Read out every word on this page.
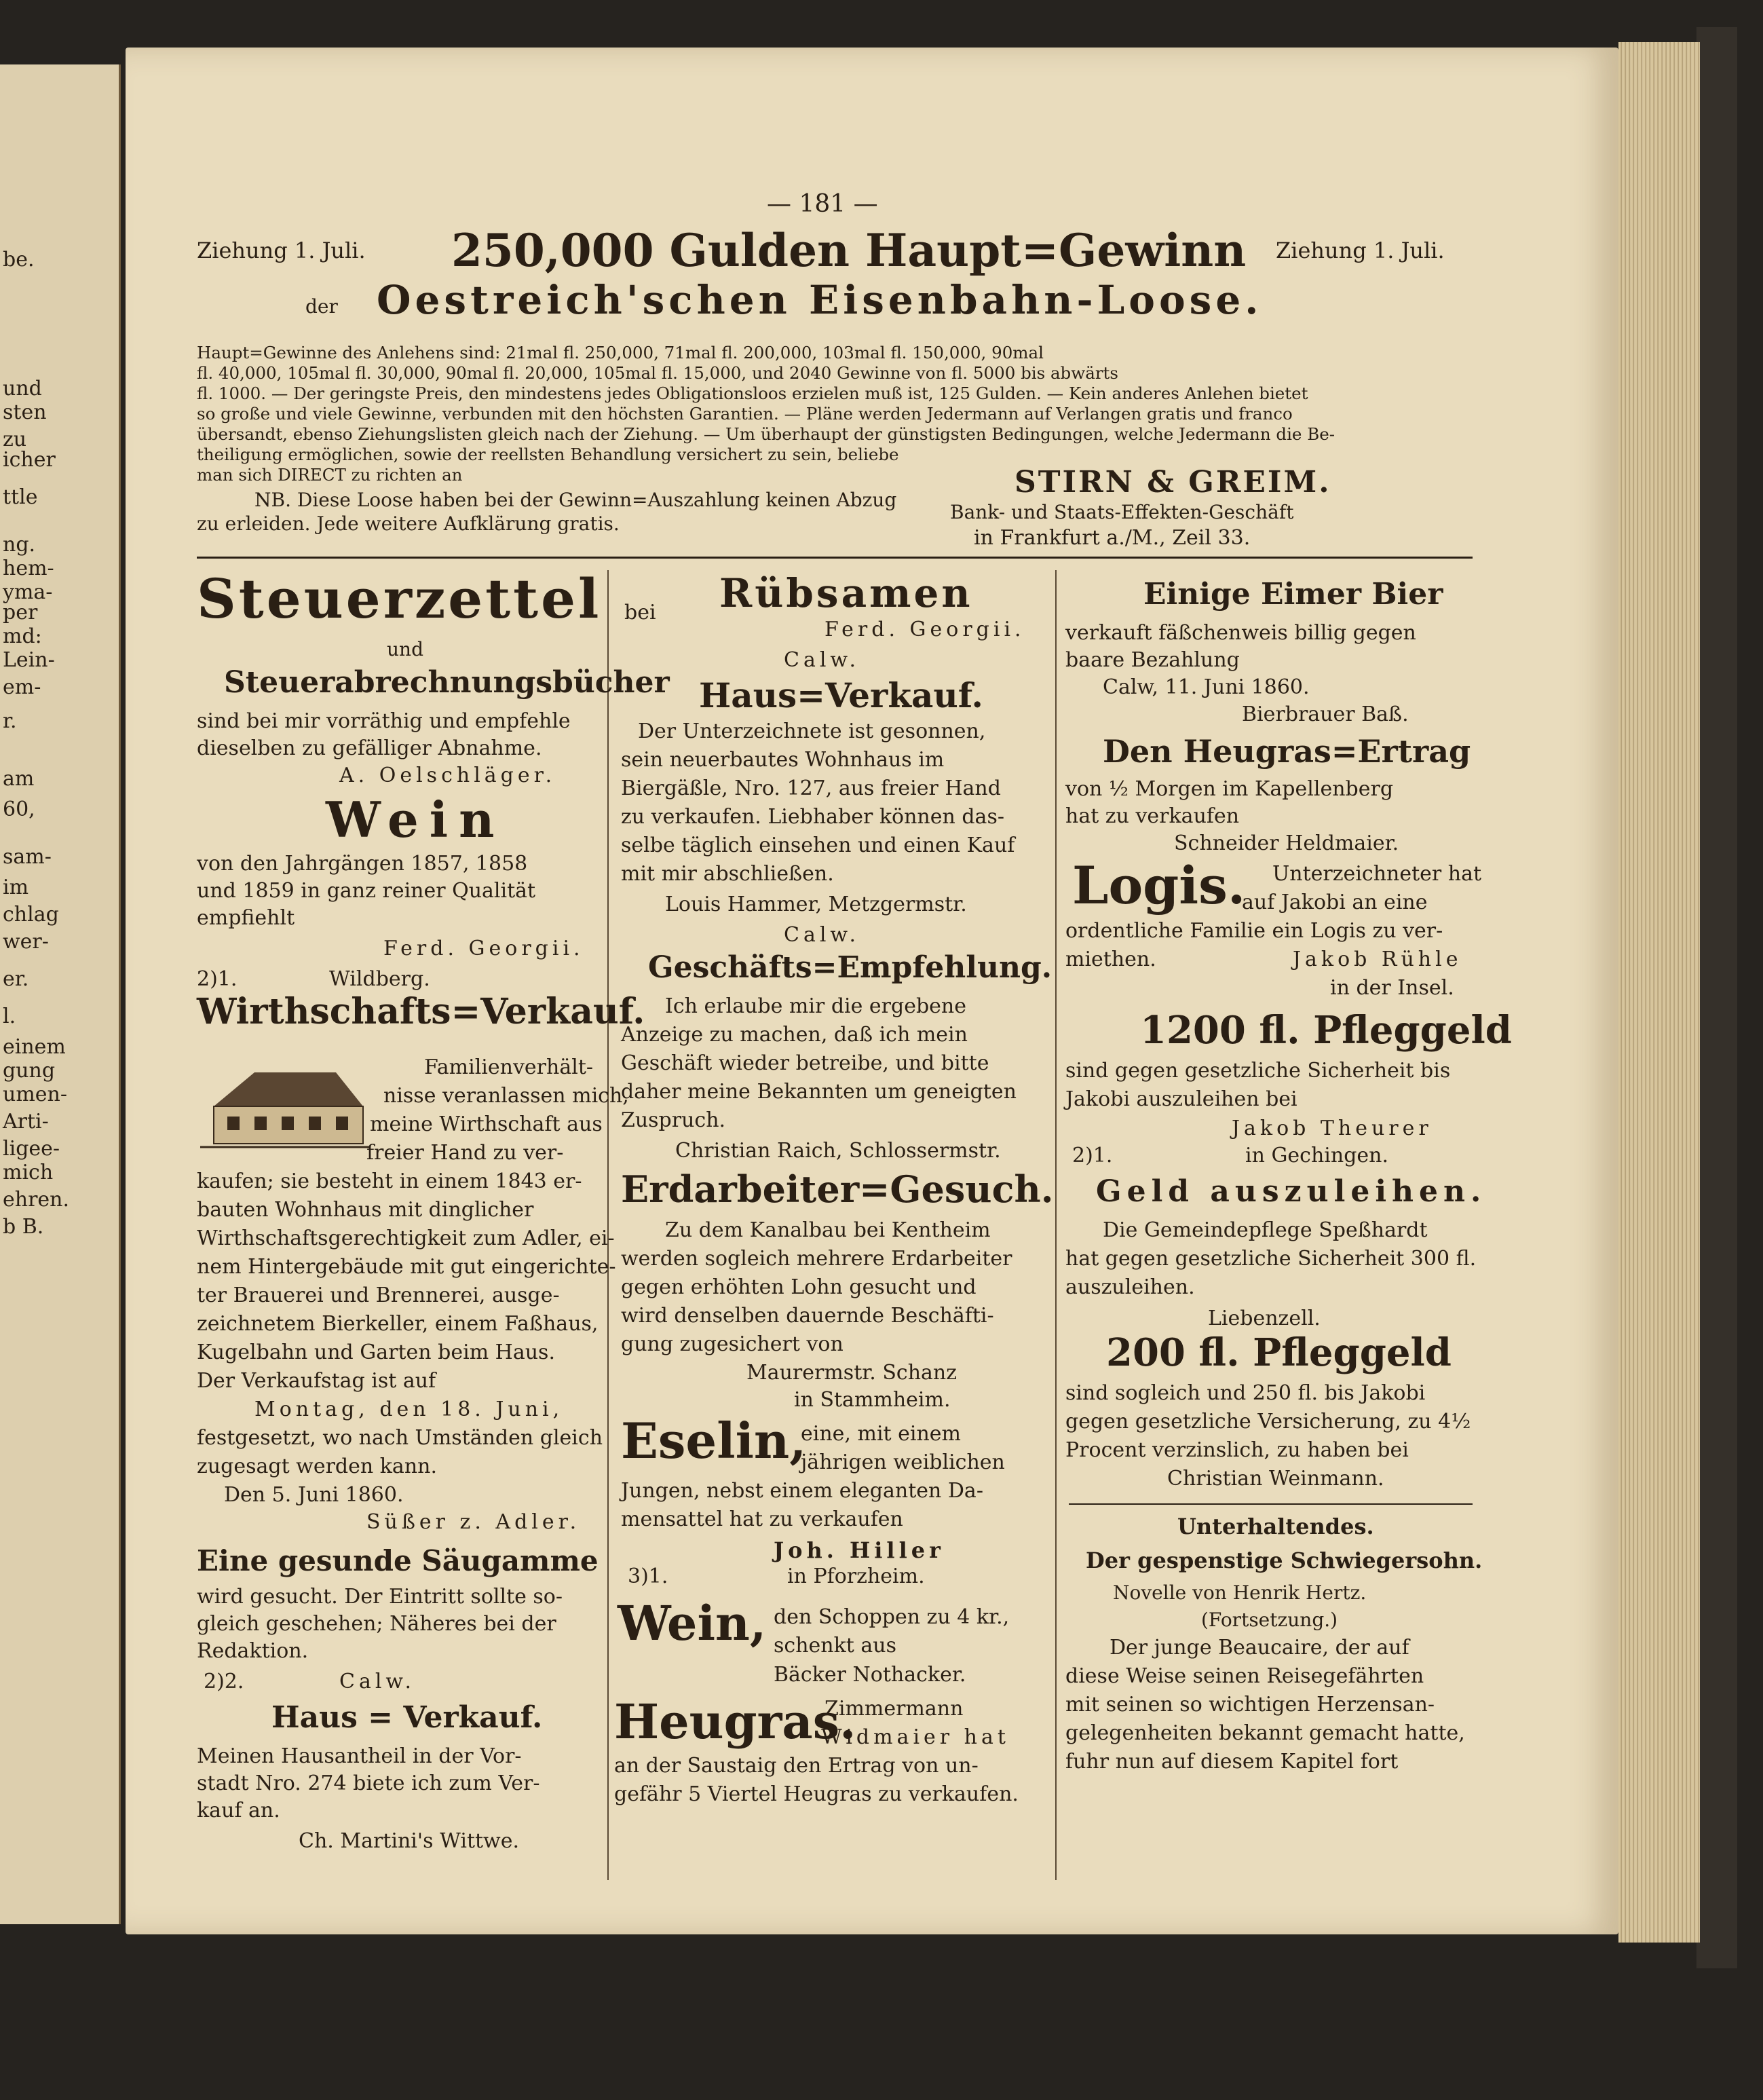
be.
und
sten
zu
icher
ttle
ng.
hem-
yma-
per
md:
Lein-
em-
r.
am
60,
sam-
im
chlag
wer-
er.
l.
einem
gung
umen-
Arti-
ligee-
mich
ehren.
b B.
— 181 —
Ziehung 1. Juli. 250,000 Gulden Haupt=Gewinn Ziehung 1. Juli.
der Oestreich'schen Eisenbahn-Loose.
Haupt=Gewinne des Anlehens sind: 21mal fl. 250,000, 71mal fl. 200,000, 103mal fl. 150,000, 90mal
fl. 40,000, 105mal fl. 30,000, 90mal fl. 20,000, 105mal fl. 15,000, und 2040 Gewinne von fl. 5000 bis abwärts
fl. 1000. — Der geringste Preis, den mindestens jedes Obligationsloos erzielen muß ist, 125 Gulden. — Kein anderes Anlehen bietet
so große und viele Gewinne, verbunden mit den höchsten Garantien. — Pläne werden Jedermann auf Verlangen gratis und franco
übersandt, ebenso Ziehungslisten gleich nach der Ziehung. — Um überhaupt der günstigsten Bedingungen, welche Jedermann die Be-
theiligung ermöglichen, sowie der reellsten Behandlung versichert zu sein, beliebe
man sich DIRECT zu richten an
NB. Diese Loose haben bei der Gewinn=Auszahlung keinen Abzug
zu erleiden. Jede weitere Aufklärung gratis.
STIRN & GREIM.
Bank- und Staats-Effekten-Geschäft
in Frankfurt a./M., Zeil 33.
Steuerzettel
und
Steuerabrechnungsbücher
sind bei mir vorräthig und empfehle
dieselben zu gefälliger Abnahme.
A. Oelschläger.
Wein
von den Jahrgängen 1857, 1858
und 1859 in ganz reiner Qualität
empfiehlt
Ferd. Georgii.
2)1.	Wildberg.
Wirthschafts=Verkauf.
Familienverhält-
nisse veranlassen mich,
meine Wirthschaft aus
freier Hand zu ver-
kaufen; sie besteht in einem 1843 er-
bauten Wohnhaus mit dinglicher
Wirthschaftsgerechtigkeit zum Adler, ei-
nem Hintergebäude mit gut eingerichte-
ter Brauerei und Brennerei, ausge-
zeichnetem Bierkeller, einem Faßhaus,
Kugelbahn und Garten beim Haus.
Der Verkaufstag ist auf
Montag, den 18. Juni,
festgesetzt, wo nach Umständen gleich
zugesagt werden kann.
Den 5. Juni 1860.
Süßer z. Adler.
Eine gesunde Säugamme
wird gesucht. Der Eintritt sollte so-
gleich geschehen; Näheres bei der
Redaktion.
2)2.	Calw.
Haus = Verkauf.
Meinen Hausantheil in der Vor-
stadt Nro. 274 biete ich zum Ver-
kauf an.
Ch. Martini's Wittwe.
Rübsamen
bei
Ferd. Georgii.
Calw.
Haus=Verkauf.
Der Unterzeichnete ist gesonnen,
sein neuerbautes Wohnhaus im
Biergäßle, Nro. 127, aus freier Hand
zu verkaufen. Liebhaber können das-
selbe täglich einsehen und einen Kauf
mit mir abschließen.
Louis Hammer, Metzgermstr.
Calw.
Geschäfts=Empfehlung.
Ich erlaube mir die ergebene
Anzeige zu machen, daß ich mein
Geschäft wieder betreibe, und bitte
daher meine Bekannten um geneigten
Zuspruch.
Christian Raich, Schlossermstr.
Erdarbeiter=Gesuch.
Zu dem Kanalbau bei Kentheim
werden sogleich mehrere Erdarbeiter
gegen erhöhten Lohn gesucht und
wird denselben dauernde Beschäfti-
gung zugesichert von
Maurermstr. Schanz
in Stammheim.
Eselin,
eine, mit einem
jährigen weiblichen
Jungen, nebst einem eleganten Da-
mensattel hat zu verkaufen
Joh. Hiller
3)1.	in Pforzheim.
Wein, den Schoppen zu 4 kr.,
schenkt aus
Bäcker Nothacker.
Heugras.
Zimmermann
Widmaier hat
an der Saustaig den Ertrag von un-
gefähr 5 Viertel Heugras zu verkaufen.
Einige Eimer Bier
verkauft fäßchenweis billig gegen
baare Bezahlung
Calw, 11. Juni 1860.
Bierbrauer Baß.
Den Heugras=Ertrag
von ½ Morgen im Kapellenberg
hat zu verkaufen
Schneider Heldmaier.
Logis. Unterzeichneter hat
auf Jakobi an eine
ordentliche Familie ein Logis zu ver-
miethen.	Jakob Rühle
in der Insel.
1200 fl. Pfleggeld
sind gegen gesetzliche Sicherheit bis
Jakobi auszuleihen bei
Jakob Theurer
2)1.	in Gechingen.
Geld auszuleihen.
Die Gemeindepflege Speßhardt
hat gegen gesetzliche Sicherheit 300 fl.
auszuleihen.
Liebenzell.
200 fl. Pfleggeld
sind sogleich und 250 fl. bis Jakobi
gegen gesetzliche Versicherung, zu 4½
Procent verzinslich, zu haben bei
Christian Weinmann.
Unterhaltendes.
Der gespenstige Schwiegersohn.
Novelle von Henrik Hertz.
(Fortsetzung.)
Der junge Beaucaire, der auf
diese Weise seinen Reisegefährten
mit seinen so wichtigen Herzensan-
gelegenheiten bekannt gemacht hatte,
fuhr nun auf diesem Kapitel fort
